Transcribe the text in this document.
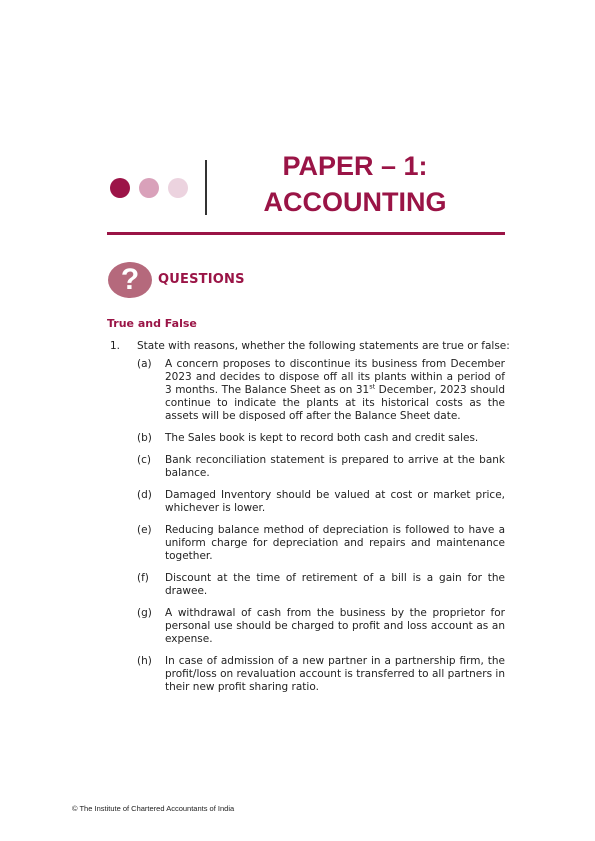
PAPER – 1:
ACCOUNTING
?	QUESTIONS
True and False
1. State with reasons, whether the following statements are true or false:
(a)	A concern proposes to discontinue its business from December 2023 and decides to dispose off all its plants within a period of 3 months. The Balance Sheet as on 31st December, 2023 should continue to indicate the plants at its historical costs as the assets will be disposed off after the Balance Sheet date.
(b)	The Sales book is kept to record both cash and credit sales.
(c)	Bank reconciliation statement is prepared to arrive at the bank balance.
(d)	Damaged Inventory should be valued at cost or market price, whichever is lower.
(e)	Reducing balance method of depreciation is followed to have a uniform charge for depreciation and repairs and maintenance together.
(f)	Discount at the time of retirement of a bill is a gain for the drawee.
(g)	A withdrawal of cash from the business by the proprietor for personal use should be charged to profit and loss account as an expense.
(h)	In case of admission of a new partner in a partnership firm, the profit/loss on revaluation account is transferred to all partners in their new profit sharing ratio.
© The Institute of Chartered Accountants of India
